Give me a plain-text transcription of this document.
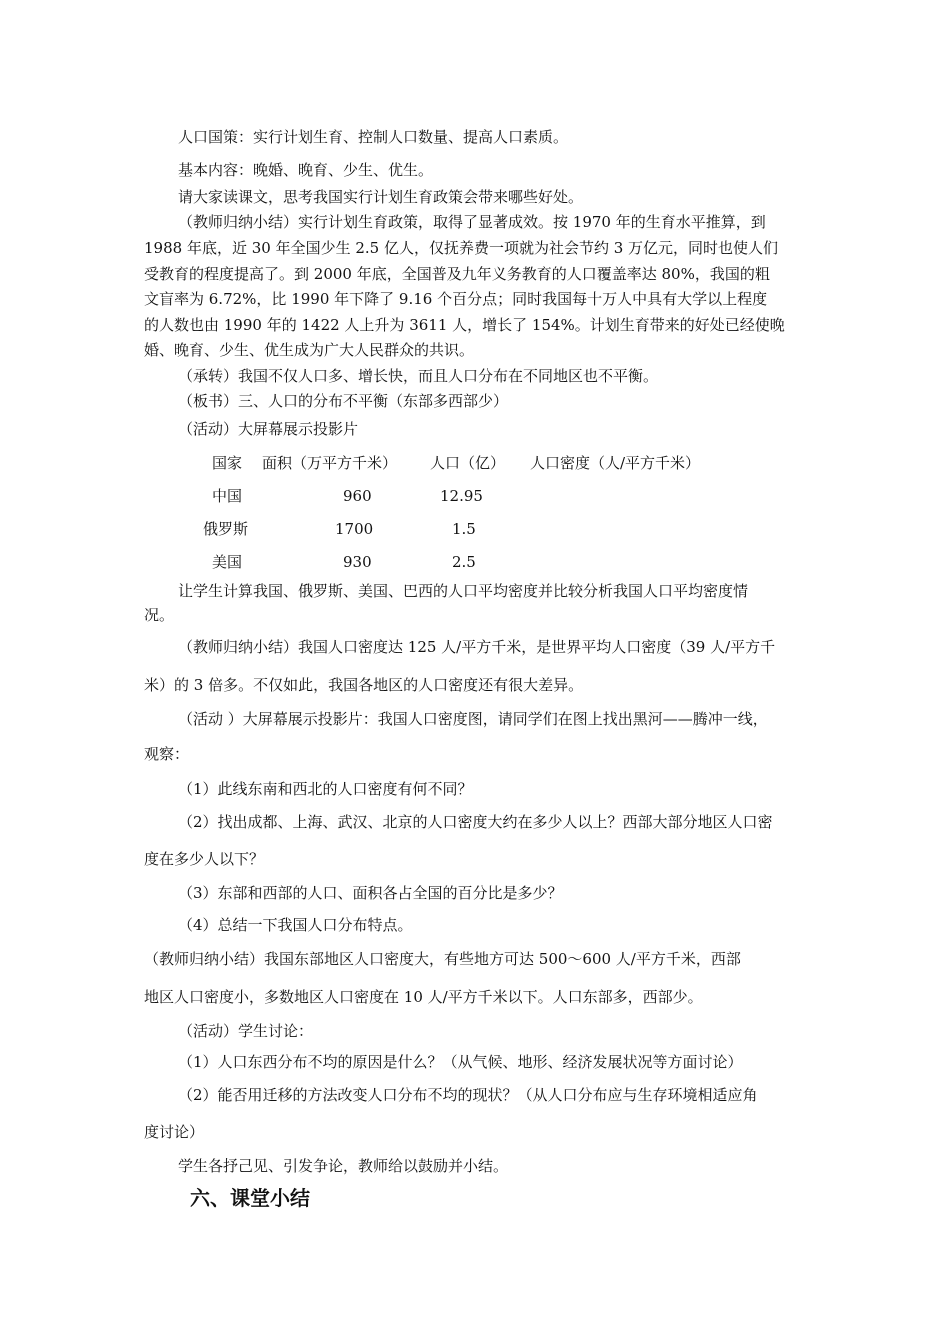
人口国策：实行计划生育、控制人口数量、提高人口素质。
基本内容：晚婚、晚育、少生、优生。
请大家读课文，思考我国实行计划生育政策会带来哪些好处。
（教师归纳小结）实行计划生育政策，取得了显著成效。按 1970 年的生育水平推算，到
1988 年底，近 30 年全国少生 2.5 亿人，仅抚养费一项就为社会节约 3 万亿元，同时也使人们
受教育的程度提高了。到 2000 年底，全国普及九年义务教育的人口覆盖率达 80%，我国的粗
文盲率为 6.72%，比 1990 年下降了 9.16 个百分点；同时我国每十万人中具有大学以上程度
的人数也由 1990 年的 1422 人上升为 3611 人，增长了 154%。计划生育带来的好处已经使晚
婚、晚育、少生、优生成为广大人民群众的共识。
（承转）我国不仅人口多、增长快，而且人口分布在不同地区也不平衡。
（板书）三、人口的分布不平衡（东部多西部少）
（活动）大屏幕展示投影片
国家 面积（万平方千米） 人口（亿） 人口密度（人/平方千米）
中国	960	12.95
俄罗斯	1700	1.5
美国	930	2.5
让学生计算我国、俄罗斯、美国、巴西的人口平均密度并比较分析我国人口平均密度情
况。
（教师归纳小结）我国人口密度达 125 人/平方千米，是世界平均人口密度（39 人/平方千
米）的 3 倍多。不仅如此，我国各地区的人口密度还有很大差异。
（活动 ）大屏幕展示投影片：我国人口密度图，请同学们在图上找出黑河——腾冲一线，
观察：
（1）此线东南和西北的人口密度有何不同？
（2）找出成都、上海、武汉、北京的人口密度大约在多少人以上？西部大部分地区人口密
度在多少人以下？
（3）东部和西部的人口、面积各占全国的百分比是多少？
（4）总结一下我国人口分布特点。
（教师归纳小结）我国东部地区人口密度大，有些地方可达 500～600 人/平方千米，西部
地区人口密度小，多数地区人口密度在 10 人/平方千米以下。人口东部多，西部少。
（活动）学生讨论：
（1）人口东西分布不均的原因是什么？（从气候、地形、经济发展状况等方面讨论）
（2）能否用迁移的方法改变人口分布不均的现状？（从人口分布应与生存环境相适应角
度讨论）
学生各抒己见、引发争论，教师给以鼓励并小结。
六、课堂小结
